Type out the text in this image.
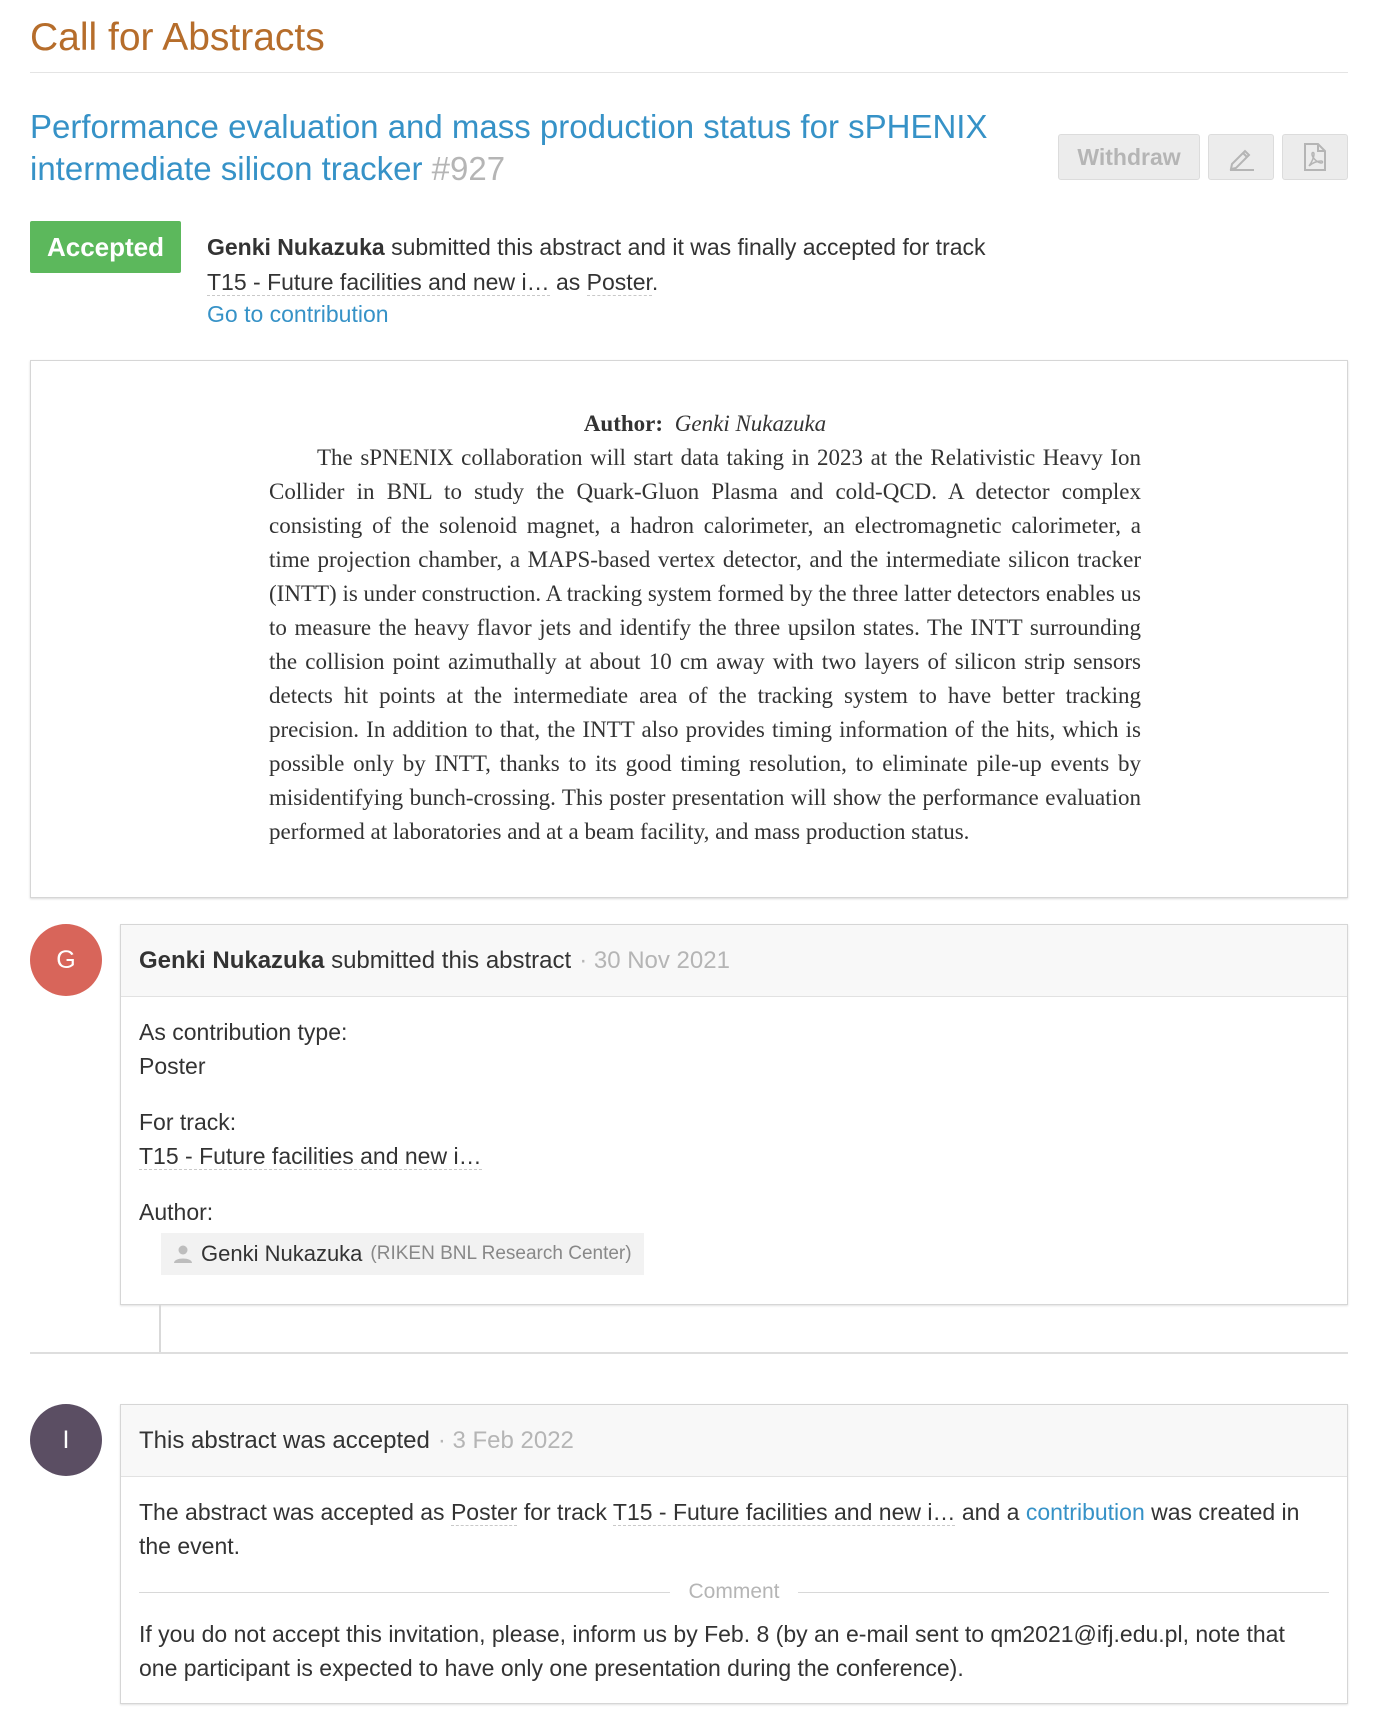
Call for Abstracts
Performance evaluation and mass production status for sPHENIX intermediate silicon tracker #927	Withdraw
Accepted	Genki Nukazuka submitted this abstract and it was finally accepted for track
T15 - Future facilities and new i… as Poster.
Go to contribution
Author: Genki Nukazuka
The sPNENIX collaboration will start data taking in 2023 at the Relativistic Heavy Ion Collider in BNL to study the Quark-Gluon Plasma and cold-QCD. A detector complex consisting of the solenoid magnet, a hadron calorimeter, an electromagnetic calorimeter, a time projection chamber, a MAPS-based vertex detector, and the intermediate silicon tracker (INTT) is under construction. A tracking system formed by the three latter detectors enables us to measure the heavy flavor jets and identify the three upsilon states. The INTT surrounding the collision point azimuthally at about 10 cm away with two layers of silicon strip sensors detects hit points at the intermediate area of the tracking system to have better tracking precision. In addition to that, the INTT also provides timing information of the hits, which is possible only by INTT, thanks to its good timing resolution, to eliminate pile-up events by misidentifying bunch-crossing. This poster presentation will show the performance evaluation performed at laboratories and at a beam facility, and mass production status.
G	Genki Nukazuka
submitted this abstract · 30 Nov 2021
As contribution type:
Poster
For track:
T15 - Future facilities and new i…
Author:
Genki Nukazuka (RIKEN BNL Research Center)
I	This abstract was accepted · 3 Feb 2022
The abstract was accepted as Poster for track T15 - Future facilities and new i… and a contribution was created in the event.
Comment
If you do not accept this invitation, please, inform us by Feb. 8 (by an e-mail sent to qm2021@ifj.edu.pl, note that one participant is expected to have only one presentation during the conference).
